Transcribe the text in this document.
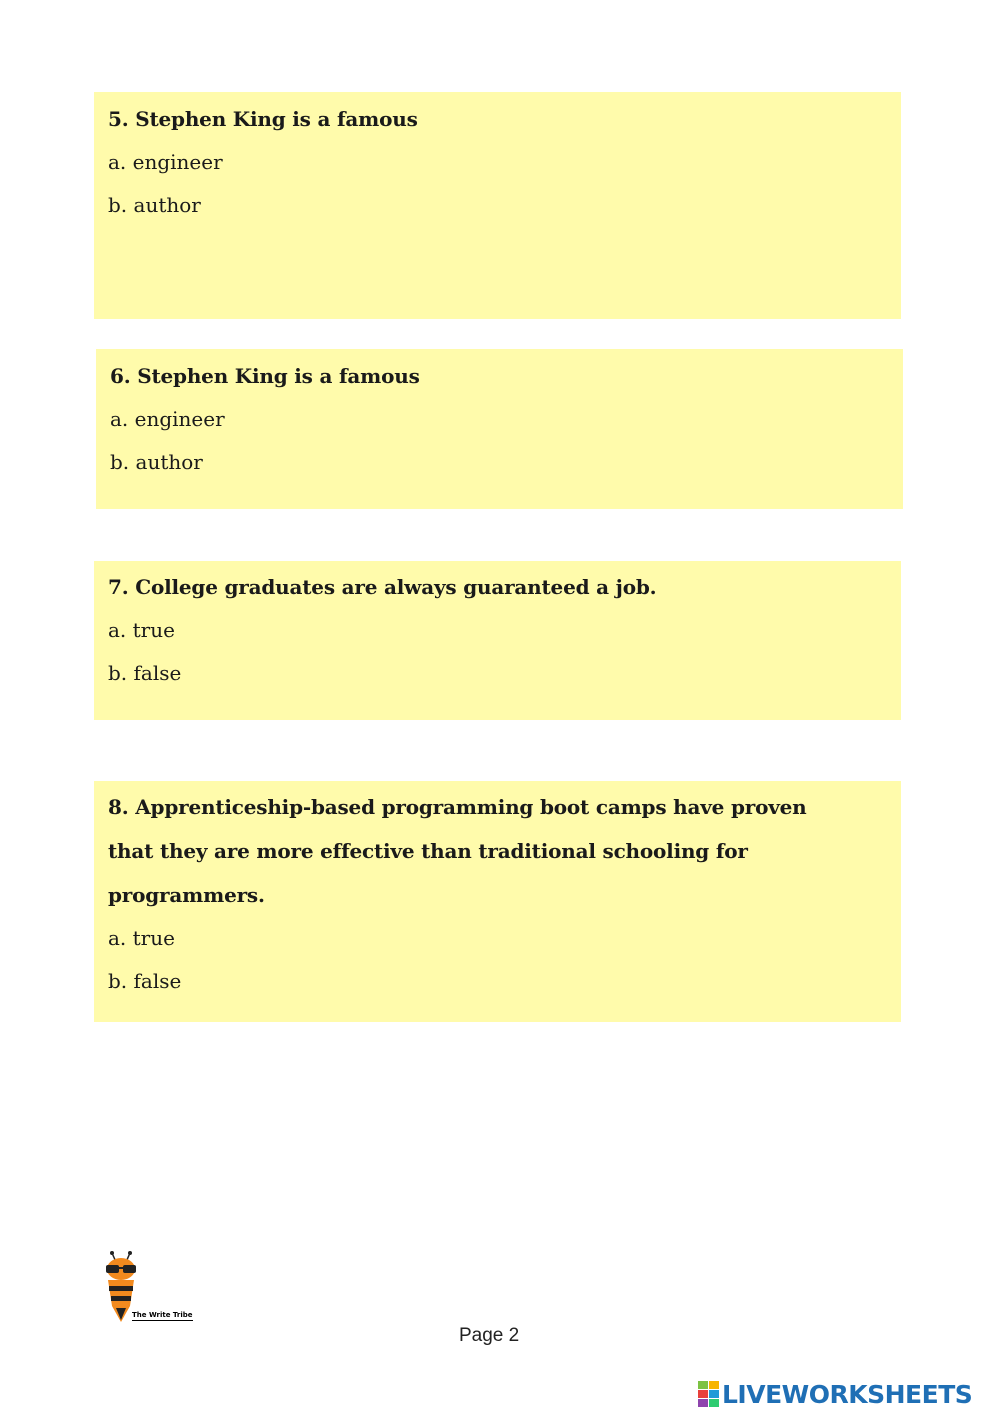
5. Stephen King is a famous

a. engineer

b. author

6. Stephen King is a famous

a. engineer

b. author

7. College graduates are always guaranteed a job.

a. true

b. false

8. Apprenticeship-based programming boot camps have proven

that they are more effective than traditional schooling for

programmers.

a. true

b. false

The Write Tribe
Page 2
LIVEWORKSHEETS
